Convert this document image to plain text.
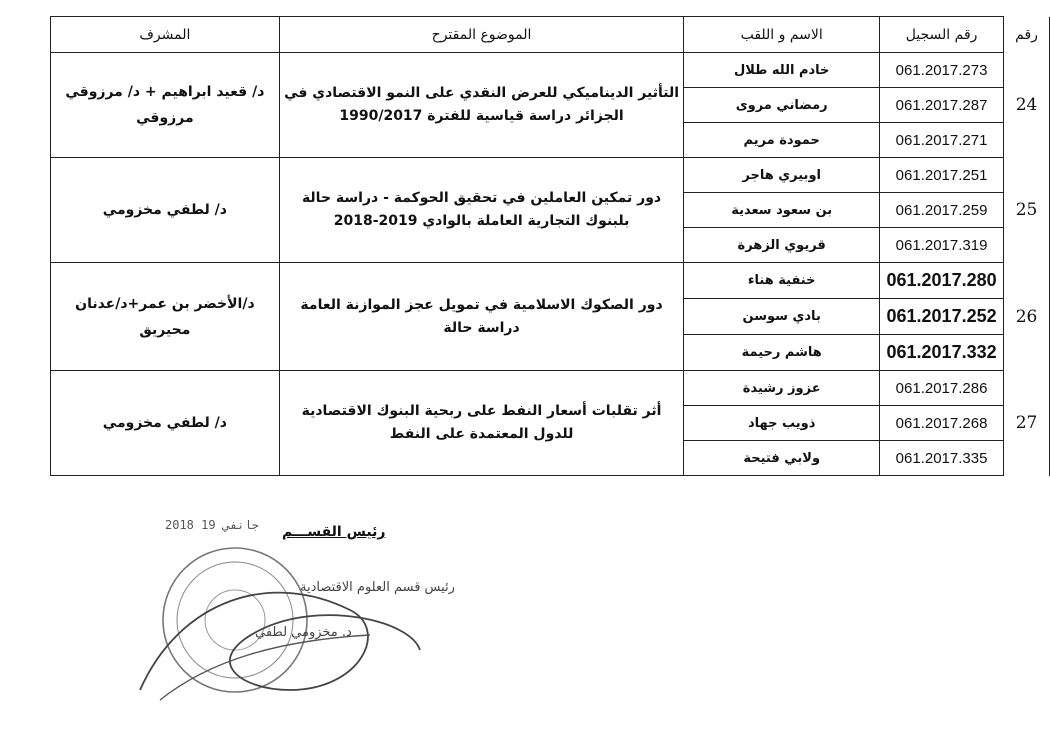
رقم	رقم السجيل	الاسم و اللقب	الموضوع المقترح	المشرف
24	061.2017.273	خادم الله طلال	التأثير الديناميكي للعرض النقدي على النمو الاقتصادي في الجزائر دراسة قياسية للفترة 1990/2017	د/ قعيد ابراهيم + د/ مرزوقي مرزوقي
	061.2017.287	رمضاني مروى		
	061.2017.271	حمودة مريم		
25	061.2017.251	اوبيري هاجر	دور تمكين العاملين في تحقيق الحوكمة - دراسة حالة بلبنوك التجارية العاملة بالوادي 2019-2018	د/ لطفي مخزومي
	061.2017.259	بن سعود سعدية		
	061.2017.319	قريوي الزهرة		
26	061.2017.280	خنفية هناء	دور الصكوك الاسلامية في تمويل عجز الموازنة العامة دراسة حالة	د/الأخضر بن عمر+د/عدنان محيريق
	061.2017.252	بادي سوسن		
	061.2017.332	هاشم رحيمة		
27	061.2017.286	عزوز رشيدة	أثر تقلبات أسعار النفط على ربحية البنوك الاقتصادية للدول المعتمدة على النفط	د/ لطفي مخزومي
	061.2017.268	ذويب جهاد		
	061.2017.335	ولابي فتيحة		
2018 جانفي 19 رئيس القســـم
رئيس قسم العلوم الاقتصادية
د. مخزومي لطفي
